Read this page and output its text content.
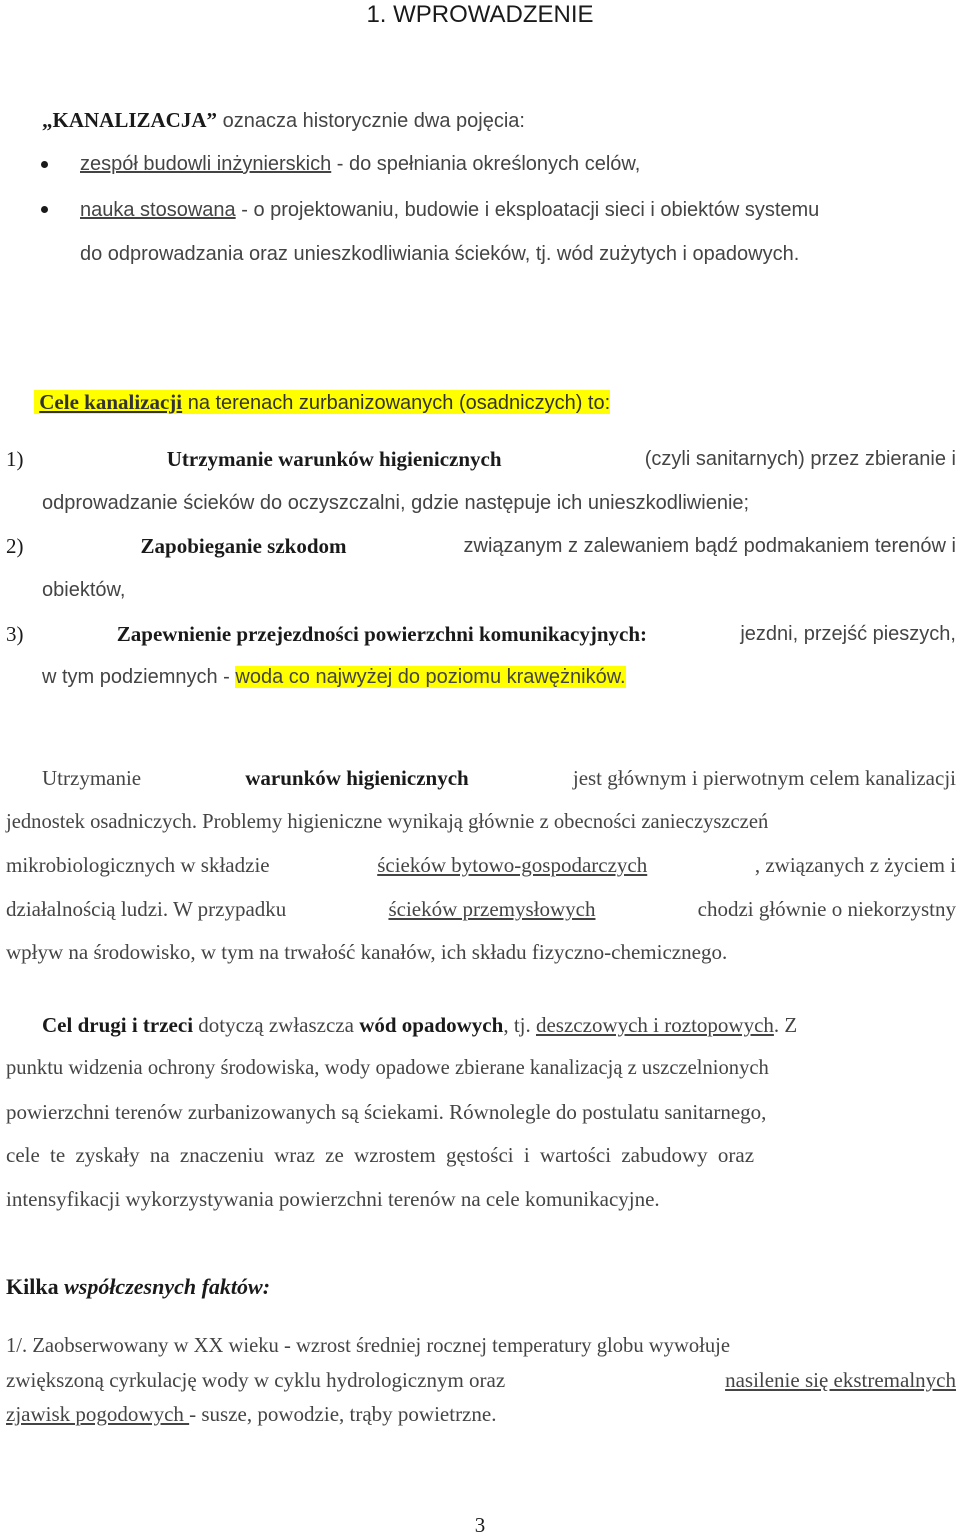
1. WPROWADZENIE
„KANALIZACJA” oznacza historycznie dwa pojęcia:
zespół budowli inżynierskich - do spełniania określonych celów,
nauka stosowana - o projektowaniu, budowie i eksploatacji sieci i obiektów systemu
do odprowadzania oraz unieszkodliwiania ścieków, tj. wód zużytych i opadowych.
Cele kanalizacji na terenach zurbanizowanych (osadniczych) to:
1)	Utrzymanie warunków higienicznych	(czyli sanitarnych) przez zbieranie i
odprowadzanie ścieków do oczyszczalni, gdzie następuje ich unieszkodliwienie;
2)	Zapobieganie szkodom	związanym z zalewaniem bądź podmakaniem terenów i
obiektów,
3)	Zapewnienie przejezdności powierzchni komunikacyjnych:	jezdni, przejść pieszych,
w tym podziemnych - woda co najwyżej do poziomu krawężników.
Utrzymanie	warunków higienicznych	jest głównym i pierwotnym celem kanalizacji
jednostek osadniczych. Problemy higieniczne wynikają głównie z obecności zanieczyszczeń
mikrobiologicznych w składzie	ścieków bytowo-gospodarczych	, związanych z życiem i
działalnością ludzi. W przypadku	ścieków przemysłowych	chodzi głównie o niekorzystny
wpływ na środowisko, w tym na trwałość kanałów, ich składu fizyczno-chemicznego.
Cel drugi i trzeci dotyczą zwłaszcza wód opadowych, tj. deszczowych i roztopowych. Z
punktu widzenia ochrony środowiska, wody opadowe zbierane kanalizacją z uszczelnionych
powierzchni terenów zurbanizowanych są ściekami. Równolegle do postulatu sanitarnego,
cele te zyskały na znaczeniu wraz ze wzrostem gęstości i wartości zabudowy oraz
intensyfikacji wykorzystywania powierzchni terenów na cele komunikacyjne.
Kilka współczesnych faktów:
1/. Zaobserwowany w XX wieku - wzrost średniej rocznej temperatury globu wywołuje
zwiększoną cyrkulację wody w cyklu hydrologicznym oraz	nasilenie się ekstremalnych
zjawisk pogodowych - susze, powodzie, trąby powietrzne.
3
